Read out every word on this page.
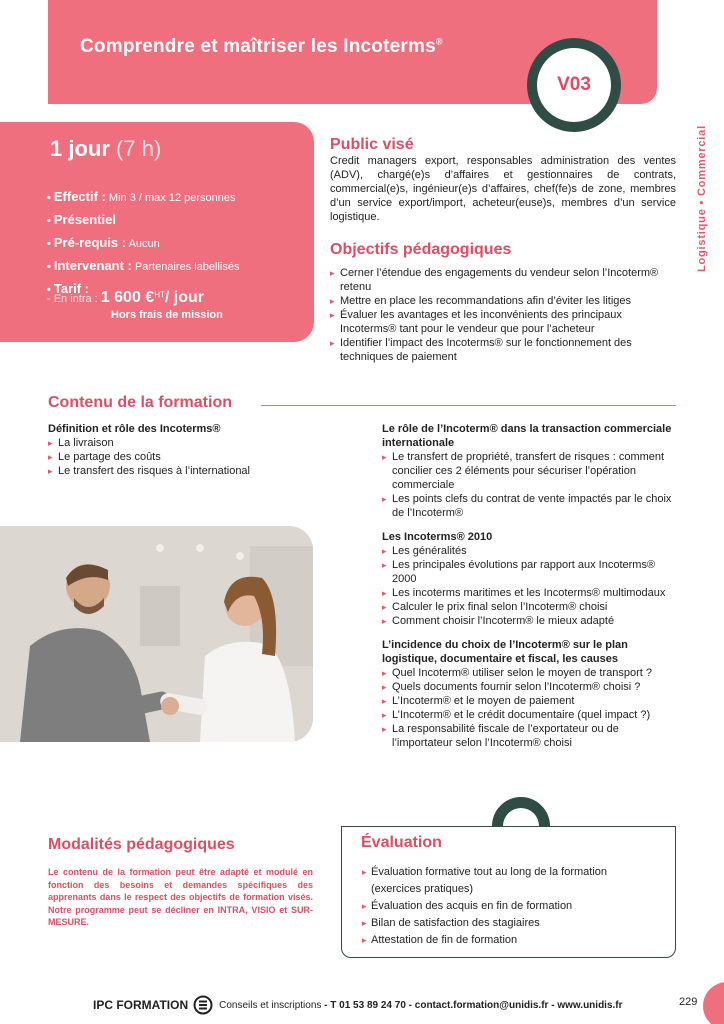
Comprendre et maîtriser les Incoterms®
V03
Logistique • Commercial
1 jour (7 h)
• Effectif : Min 3 / max 12 personnes
• Présentiel
• Pré-requis : Aucun
• Intervenant : Partenaires labellisés
• Tarif :
- En intra : 1 600 €$^{HT}$/ jour
Hors frais de mission
Public visé

Credit managers export, responsables administration des ventes (ADV), chargé(e)s d’affaires et gestionnaires de contrats, commercial(e)s, ingénieur(e)s d’affaires, chef(fe)s de zone, membres d’un service export/import, acheteur(euse)s, membres d’un service logistique.

Objectifs pédagogiques
▸ Cerner l’étendue des engagements du vendeur selon l’Incoterm® retenu
▸ Mettre en place les recommandations afin d’éviter les litiges
▸ Évaluer les avantages et les inconvénients des principaux Incoterms® tant pour le vendeur que pour l’acheteur
▸ Identifier l’impact des Incoterms® sur le fonctionnement des techniques de paiement
Contenu de la formation
Définition et rôle des Incoterms®
▸ La livraison
▸ Le partage des coûts
▸ Le transfert des risques à l’international
Le rôle de l’Incoterm® dans la transaction commerciale internationale
▸ Le transfert de propriété, transfert de risques : comment concilier ces 2 éléments pour sécuriser l’opération commerciale
▸ Les points clefs du contrat de vente impactés par le choix de l’Incoterm®
Les Incoterms® 2010
▸ Les généralités
▸ Les principales évolutions par rapport aux Incoterms® 2000
▸ Les incoterms maritimes et les Incoterms® multimodaux
▸ Calculer le prix final selon l’Incoterm® choisi
▸ Comment choisir l’Incoterm® le mieux adapté
L’incidence du choix de l’Incoterm® sur le plan logistique, documentaire et fiscal, les causes
▸ Quel Incoterm® utiliser selon le moyen de transport ?
▸ Quels documents fournir selon l’Incoterm® choisi ?
▸ L’Incoterm® et le moyen de paiement
▸ L’Incoterm® et le crédit documentaire (quel impact ?)
▸ La responsabilité fiscale de l’exportateur ou de l’importateur selon l’Incoterm® choisi
Modalités pédagogiques

Le contenu de la formation peut être adapté et modulé en fonction des besoins et demandes spécifiques des apprenants dans le respect des objectifs de formation visés. Notre programme peut se décliner en INTRA, VISIO et SUR-MESURE.

Évaluation
▸ Évaluation formative tout au long de la formation (exercices pratiques)
▸ Évaluation des acquis en fin de formation
▸ Bilan de satisfaction des stagiaires
▸ Attestation de fin de formation
IPC FORMATION	Conseils et inscriptions - T 01 53 89 24 70 - contact.formation@unidis.fr - www.unidis.fr	229
